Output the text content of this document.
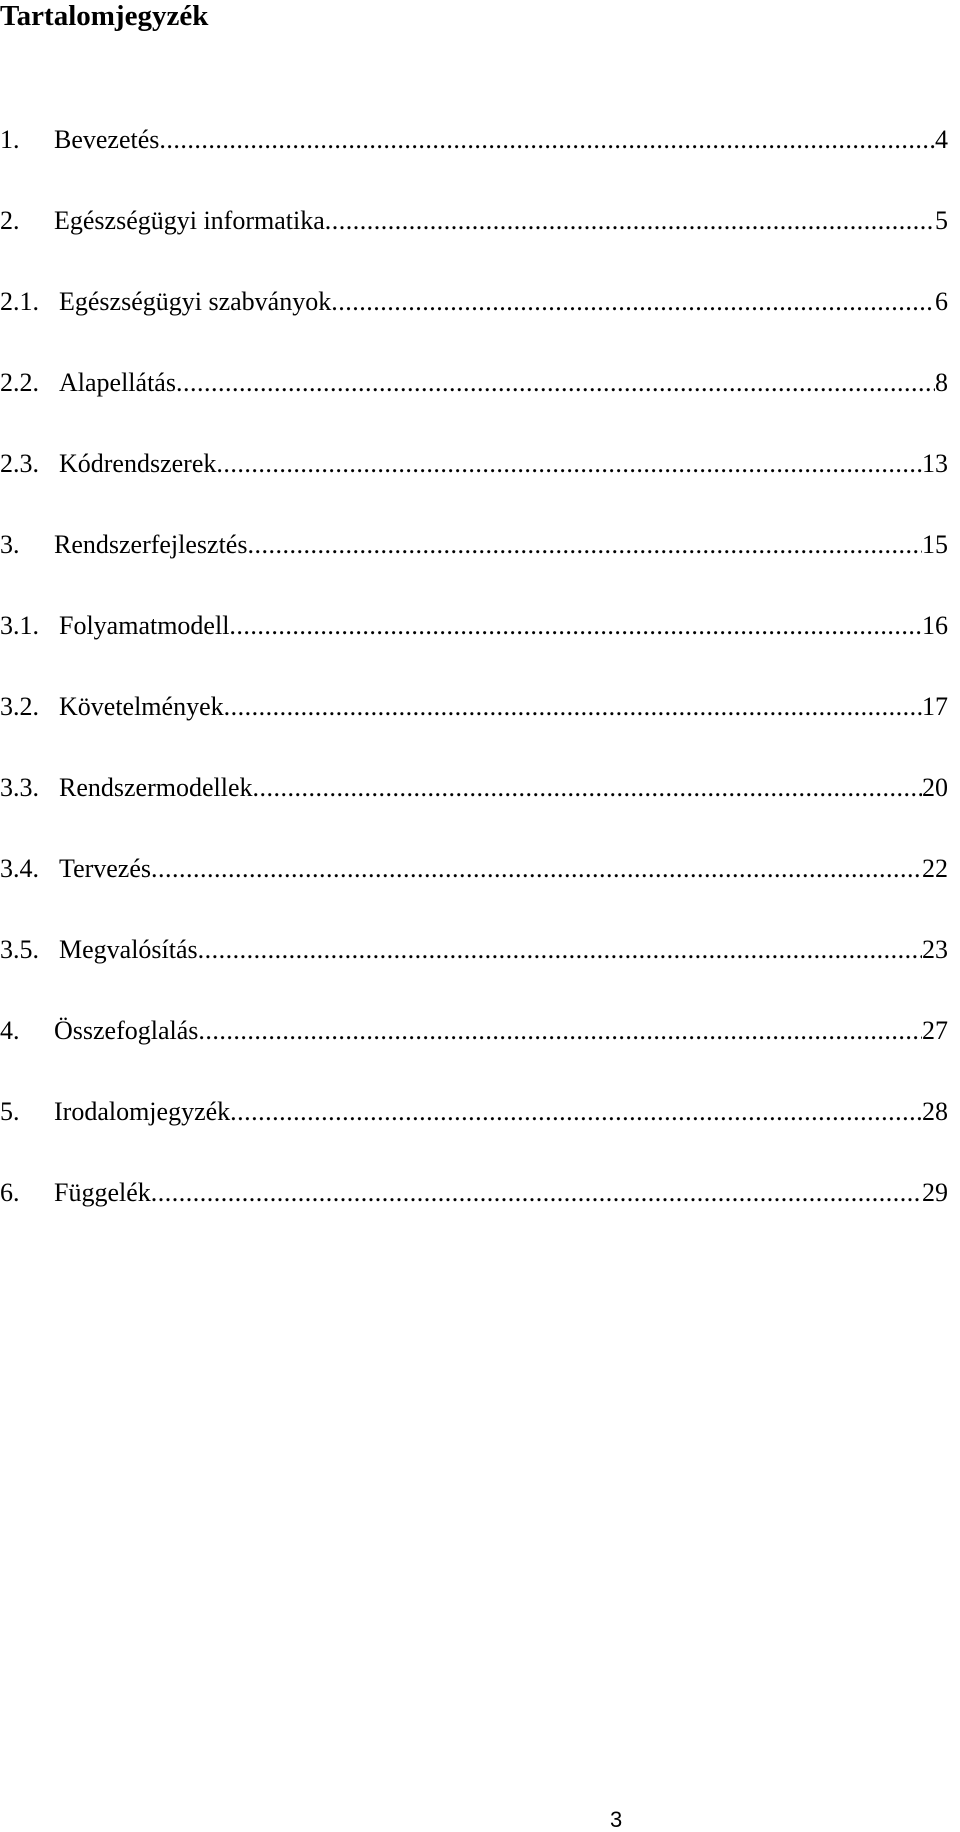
Tartalomjegyzék
1.	Bevezetés .....	4
2.	Egészségügyi informatika .....	5
2.1. Egészségügyi szabványok .....	6
2.2. Alapellátás .....	8
2.3. Kódrendszerek .....	13
3.	Rendszerfejlesztés .....	15
3.1. Folyamatmodell .....	16
3.2. Követelmények .....	17
3.3. Rendszermodellek .....	20
3.4. Tervezés .....	22
3.5. Megvalósítás .....	23
4.	Összefoglalás .....	27
5.	Irodalomjegyzék .....	28
6.	Függelék .....	29
3
